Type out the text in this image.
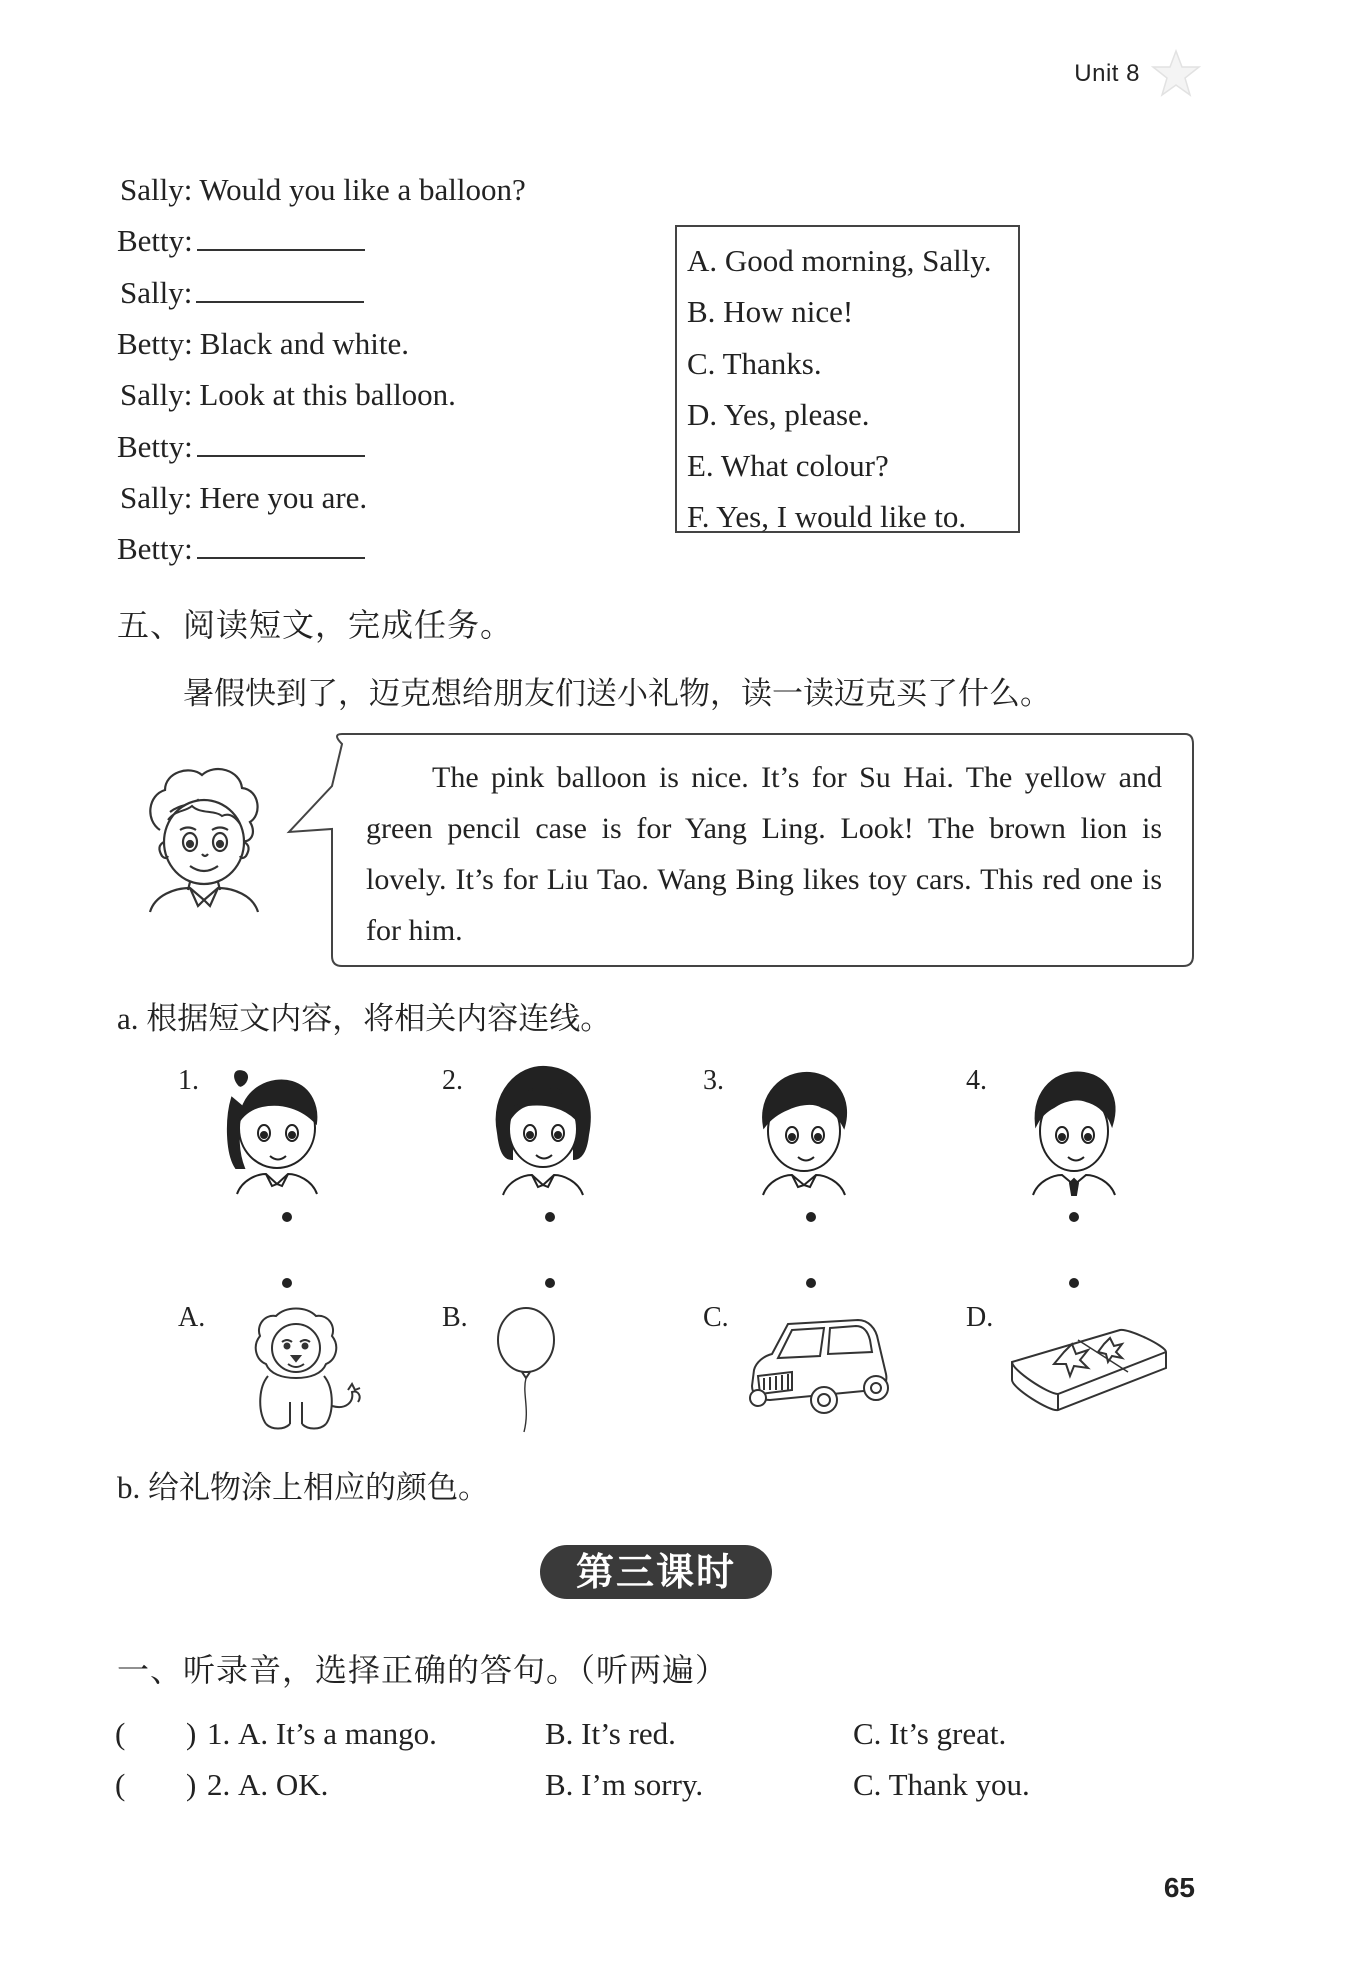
Unit 8
Sally: Would you like a balloon?
Betty:
Sally:
Betty: Black and white.
Sally: Look at this balloon.
Betty:
Sally: Here you are.
Betty:
A. Good morning, Sally.
B. How nice!
C. Thanks.
D. Yes, please.
E. What colour?
F. Yes, I would like to.
五、阅读短文，完成任务。
暑假快到了，迈克想给朋友们送小礼物，读一读迈克买了什么。
The pink balloon is nice. It’s for Su Hai. The yellow and green pencil case is for Yang Ling. Look! The brown lion is lovely. It’s for Liu Tao. Wang Bing likes toy cars. This red one is for him.
a. 根据短文内容，将相关内容连线。
1.	2.	3.	4.
A.	B.	C.	D.
b. 给礼物涂上相应的颜色。
第三课时
一、听录音，选择正确的答句。（听两遍）
( ) 1. A. It’s a mango.	B. It’s red.	C. It’s great.
( ) 2. A. OK.	B. I’m sorry.	C. Thank you.
65
